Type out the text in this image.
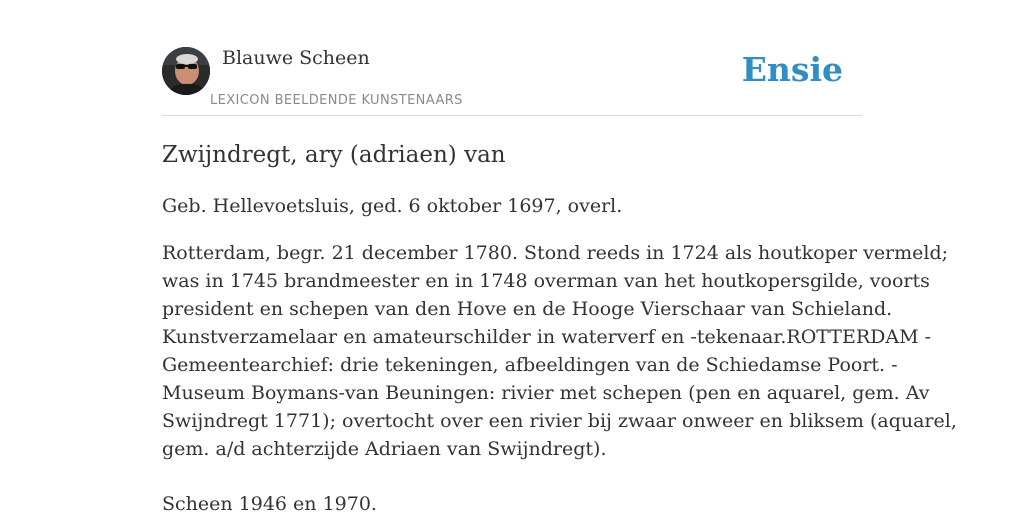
Blauwe Scheen
LEXICON BEELDENDE KUNSTENAARS
Ensie
Zwijndregt, ary (adriaen) van

Geb. Hellevoetsluis, ged. 6 oktober 1697, overl.

Rotterdam, begr. 21 december 1780. Stond reeds in 1724 als houtkoper vermeld;
was in 1745 brandmeester en in 1748 overman van het houtkopersgilde, voorts
president en schepen van den Hove en de Hooge Vierschaar van Schieland.
Kunstverzamelaar en amateurschilder in waterverf en -tekenaar.ROTTERDAM -
Gemeentearchief: drie tekeningen, afbeeldingen van de Schiedamse Poort. -
Museum Boymans-van Beuningen: rivier met schepen (pen en aquarel, gem. Av
Swijndregt 1771); overtocht over een rivier bij zwaar onweer en bliksem (aquarel,
gem. a/d achterzijde Adriaen van Swijndregt).

Scheen 1946 en 1970.
